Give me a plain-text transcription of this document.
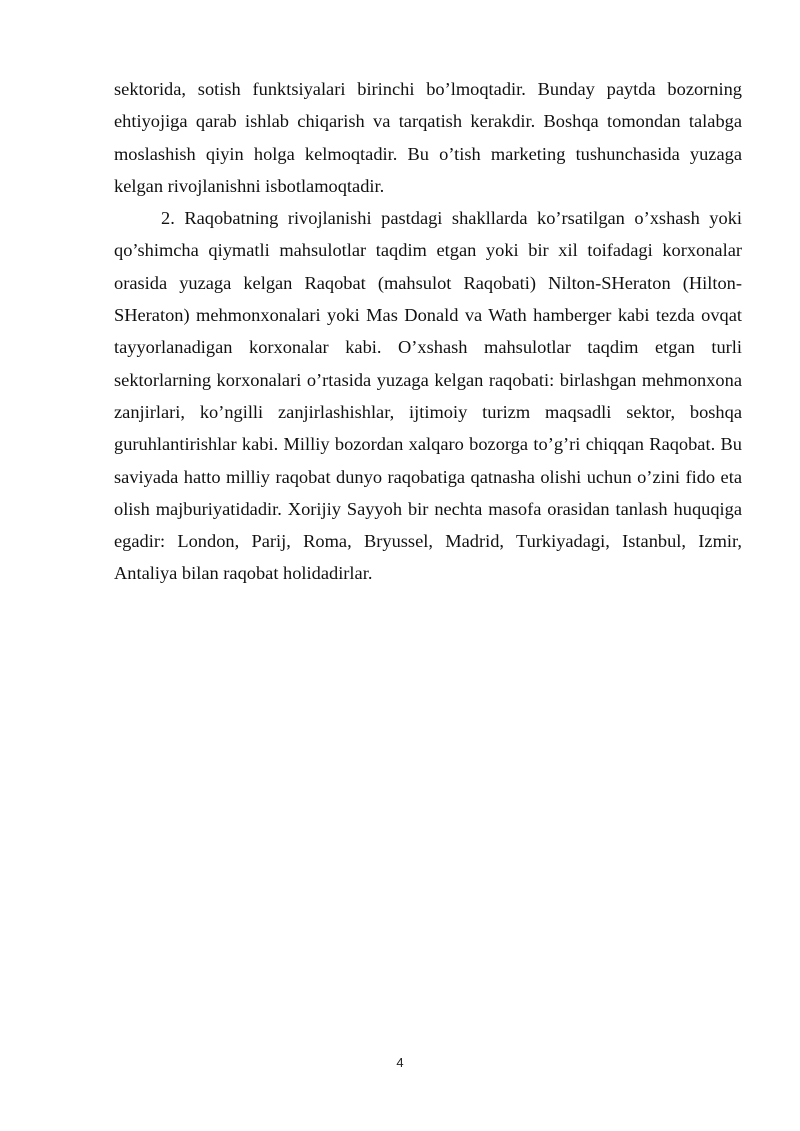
sektorida, sotish funktsiyalari birinchi bo’lmoqtadir. Bunday paytda bozorning ehtiyojiga qarab ishlab chiqarish va tarqatish kerakdir. Boshqa tomondan talabga moslashish qiyin holga kelmoqtadir. Bu o’tish marketing tushunchasida yuzaga kelgan rivojlanishni isbotlamoqtadir.

2. Raqobatning rivojlanishi pastdagi shakllarda ko’rsatilgan o’xshash yoki qo’shimcha qiymatli mahsulotlar taqdim etgan yoki bir xil toifadagi korxonalar orasida yuzaga kelgan Raqobat (mahsulot Raqobati) Nilton-SHeraton (Hilton-SHeraton) mehmonxonalari yoki Mas Donald va Wath hamberger kabi tezda ovqat tayyorlanadigan korxonalar kabi. O’xshash mahsulotlar taqdim etgan turli sektorlarning korxonalari o’rtasida yuzaga kelgan raqobati: birlashgan mehmonxona zanjirlari, ko’ngilli zanjirlashishlar, ijtimoiy turizm maqsadli sektor, boshqa guruhlantirishlar kabi. Milliy bozordan xalqaro bozorga to’g’ri chiqqan Raqobat. Bu saviyada hatto milliy raqobat dunyo raqobatiga qatnasha olishi uchun o’zini fido eta olish majburiyatidadir. Xorijiy Sayyoh bir nechta masofa orasidan tanlash huquqiga egadir: London, Parij, Roma, Bryussel, Madrid, Turkiyadagi, Istanbul, Izmir, Antaliya bilan raqobat holidadirlar.

4
